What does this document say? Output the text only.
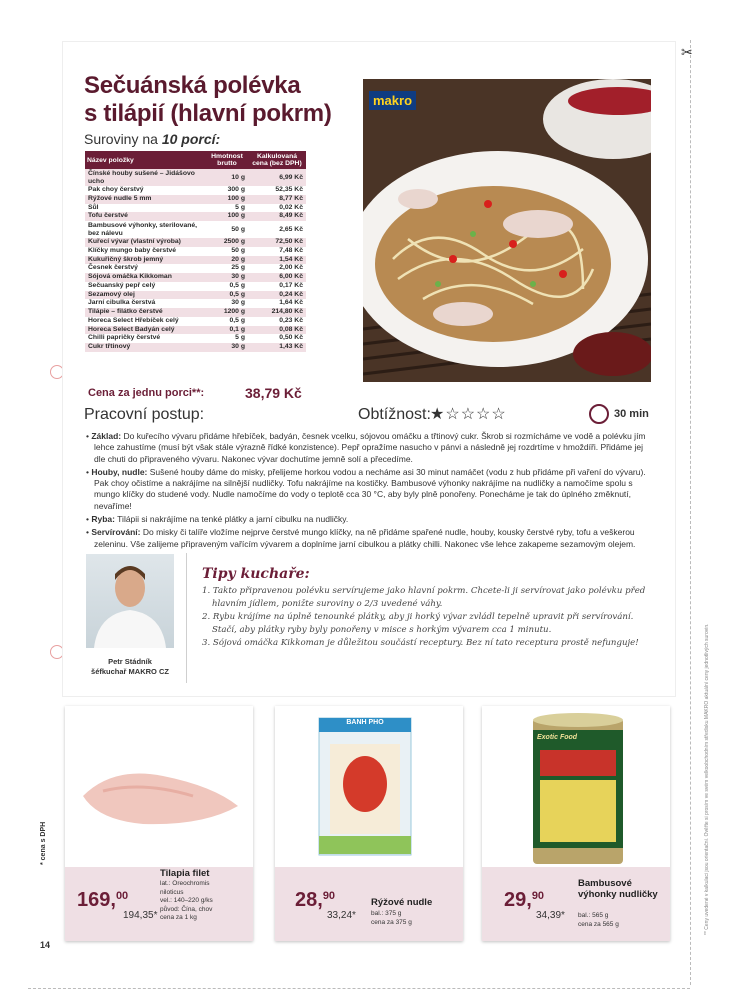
✂
Sečuánská polévka
s tilápií (hlavní pokrm)
Suroviny na 10 porcí:
Název položky	Hmotnost brutto	Kalkulovaná cena (bez DPH)
Čínské houby sušené – Jidášovo ucho	10 g	6,99 Kč
Pak choy čerstvý	300 g	52,35 Kč
Rýžové nudle 5 mm	100 g	8,77 Kč
Sůl	5 g	0,02 Kč
Tofu čerstvé	100 g	8,49 Kč
Bambusové výhonky, sterilované, bez nálevu	50 g	2,65 Kč
Kuřecí vývar (vlastní výroba)	2500 g	72,50 Kč
Klíčky mungo baby čerstvé	50 g	7,48 Kč
Kukuřičný škrob jemný	20 g	1,54 Kč
Česnek čerstvý	25 g	2,00 Kč
Sójová omáčka Kikkoman	30 g	6,00 Kč
Sečuanský pepř celý	0,5 g	0,17 Kč
Sezamový olej	0,5 g	0,24 Kč
Jarní cibulka čerstvá	30 g	1,64 Kč
Tilápie – filátko čerstvé	1200 g	214,80 Kč
Horeca Select Hřebíček celý	0,5 g	0,23 Kč
Horeca Select Badyán celý	0,1 g	0,08 Kč
Chilli papričky čerstvé	5 g	0,50 Kč
Cukr třtinový	30 g	1,43 Kč
Cena za jednu porci**:	38,79 Kč
makro
Pracovní postup:	Obtížnost: ★☆☆☆☆	30 min
• Základ: Do kuřecího vývaru přidáme hřebíček, badyán, česnek vcelku, sójovou omáčku a třtinový cukr. Škrob si rozmícháme ve vodě a polévku jím lehce zahustíme (musí být však stále výrazně řídké konzistence). Pepř opražíme nasucho v pánvi a následně jej rozdrtíme v hmoždíři. Přidáme jej dle chuti do připraveného vývaru. Nakonec vývar dochutíme jemně solí a přecedíme.
• Houby, nudle: Sušené houby dáme do misky, přelijeme horkou vodou a necháme asi 30 minut namáčet (vodu z hub přidáme při vaření do vývaru). Pak choy očistíme a nakrájíme na silnější nudličky. Tofu nakrájíme na kostičky. Bambusové výhonky nakrájíme na nudličky a namočíme spolu s mungo klíčky do studené vody. Nudle namočíme do vody o teplotě cca 30 °C, aby byly plně ponořeny. Ponecháme je tak do úplného změknutí, nevaříme!
• Ryba: Tilápii si nakrájíme na tenké plátky a jarní cibulku na nudličky.
• Servírování: Do misky či talíře vložíme nejprve čerstvé mungo klíčky, na ně přidáme spařené nudle, houby, kousky čerstvé ryby, tofu a veškerou zeleninu. Vše zalijeme připraveným vařícím vývarem a doplníme jarní cibulkou a plátky chilli. Nakonec vše lehce zakapeme sezamovým olejem.
Petr Stádník
šéfkuchař MAKRO CZ
Tipy kuchaře:
1. Takto připravenou polévku servírujeme jako hlavní pokrm. Chcete-li ji servírovat jako polévku před hlavním jídlem, ponižte suroviny o 2/3 uvedené váhy.
2. Rybu krájíme na úplně tenounké plátky, aby ji horký vývar zvládl tepelně upravit při servírování. Stačí, aby plátky ryby byly ponořeny v misce s horkým vývarem cca 1 minutu.
3. Sójová omáčka Kikkoman je důležitou součástí receptury. Bez ní tato receptura prostě nefunguje!
Tilapia filet
lat.: Oreochromis
niloticus
vel.: 140–220 g/ks
původ: Čína, chov
cena za 1 kg
169,00
194,35*
BANH PHO
28,90
33,24*
Rýžové nudle
bal.: 375 g
cena za 375 g
Exotic Food
Bambusové výhonky nudličky
bal.: 565 g
cena za 565 g
29,90
34,39*
* cena s DPH	** Ceny uvedené v kalkulaci jsou orientační. Ověřte si prosím ve svém velkoobchodním středisku MAKRO aktuální ceny jednotlivých surovin.
14
